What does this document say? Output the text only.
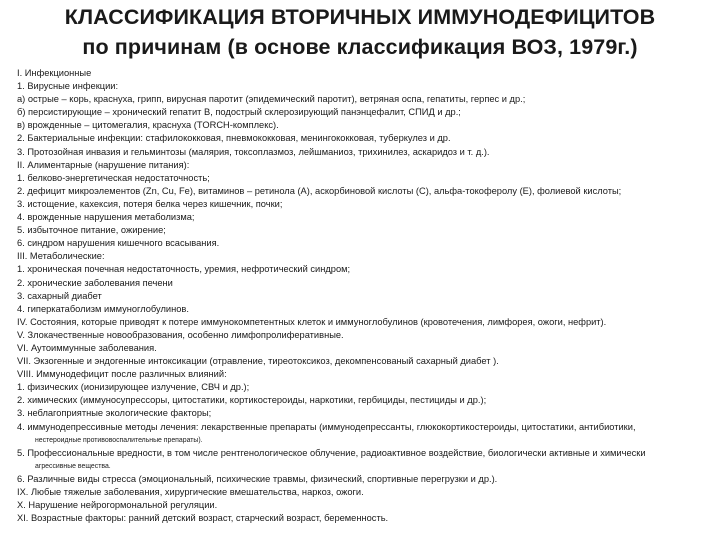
КЛАССИФИКАЦИЯ ВТОРИЧНЫХ ИММУНОДЕФИЦИТОВ
по причинам (в основе классификация ВОЗ, 1979г.)
I. Инфекционные
1. Вирусные инфекции:
а) острые – корь, краснуха, грипп, вирусная паротит (эпидемический паротит), ветряная оспа, гепатиты, герпес и др.;
б) персистирующие – хронический гепатит В, подострый склерозирующий панэнцефалит, СПИД и др.;
в) врожденные – цитомегалия, краснуха (TORCH-комплекс).
2. Бактериальные инфекции: стафилококковая, пневмококковая, менингококковая, туберкулез и др.
3. Протозойная инвазия и гельминтозы (малярия, токсоплазмоз, лейшманиоз, трихинилез, аскаридоз и т. д.).
II. Алиментарные (нарушение питания):
1. белково-энергетическая недостаточность;
2. дефицит микроэлементов (Zn, Cu, Fe), витаминов – ретинола (А), аскорбиновой кислоты (С), альфа-токоферолу (Е), фолиевой кислоты;
3. истощение, кахексия, потеря белка через кишечник, почки;
4. врожденные нарушения метаболизма;
5. избыточное питание, ожирение;
6. синдром нарушения кишечного всасывания.
III. Метаболические:
1. хроническая почечная недостаточность, уремия, нефротический синдром;
2. хронические заболевания печени
3. сахарный диабет
4. гиперкатаболизм иммуноглобулинов.
IV. Состояния, которые приводят к потере иммунокомпетентных клеток и иммуноглобулинов (кровотечения, лимфорея, ожоги, нефрит).
V. Злокачественные новообразования, особенно лимфопролиферативные.
VI. Аутоиммунные заболевания.
VII. Экзогенные и эндогенные интоксикации (отравление, тиреотоксикоз, декомпенсованый сахарный диабет ).
VIII. Иммунодефицит после различных влияний:
1. физических (ионизирующее излучение, СВЧ и др.);
2. химических (иммуносупрессоры, цитостатики, кортикостероиды, наркотики, гербициды, пестициды и др.);
3. неблагоприятные экологические факторы;
4. иммунодепрессивные методы лечения: лекарственные препараты (иммунодепрессанты, глюкокортикостероиды, цитостатики, антибиотики,
нестероидные противовоспалительные препараты).
5. Профессиональные вредности, в том числе рентгенологическое облучение, радиоактивное воздействие, биологически активные и химически
агрессивные вещества.
6. Различные виды стресса (эмоциональный, психические травмы, физический, спортивные перегрузки и др.).
IX. Любые тяжелые заболевания, хирургические вмешательства, наркоз, ожоги.
X. Нарушение нейрогормональной регуляции.
XI. Возрастные факторы: ранний детский возраст, старческий возраст, беременность.
